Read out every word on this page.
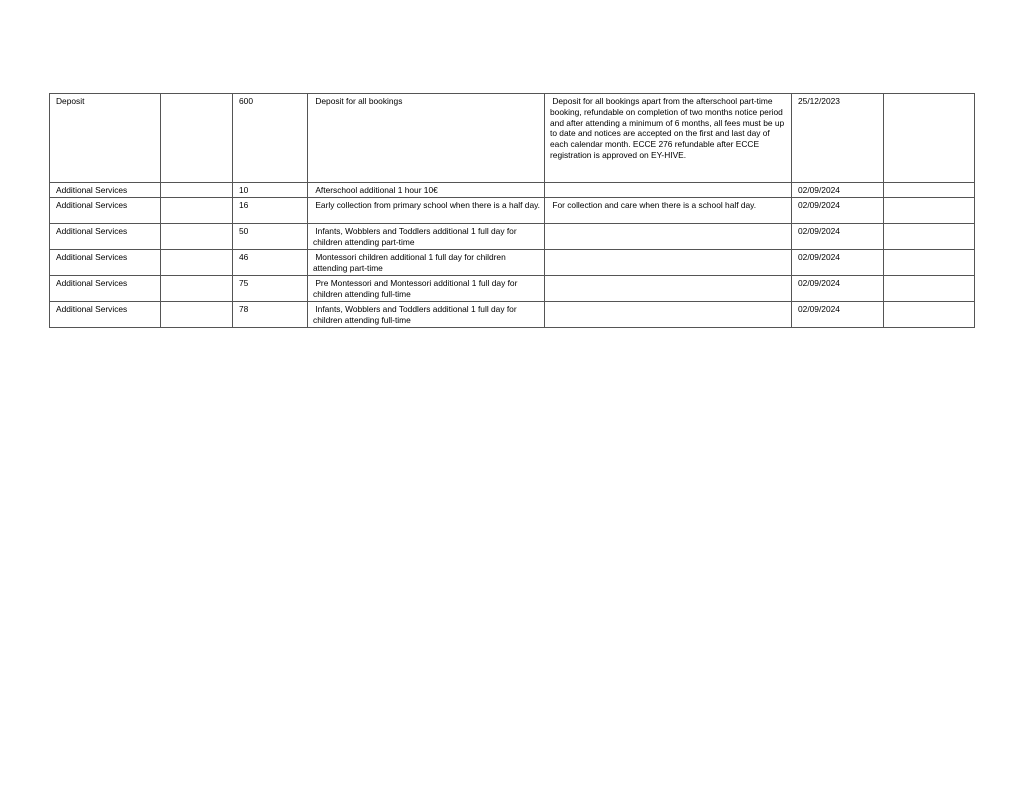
Deposit		600	Deposit for all bookings	Deposit for all bookings apart from the afterschool part-time booking, refundable on completion of two months notice period and after attending a minimum of 6 months, all fees must be up to date and notices are accepted on the first and last day of each calendar month. ECCE 276 refundable after ECCE registration is approved on EY-HIVE.	25/12/2023	
Additional Services		10	Afterschool additional 1 hour 10€		02/09/2024	
Additional Services		16	Early collection from primary school when there is a half day.	For collection and care when there is a school half day.	02/09/2024	
Additional Services		50	Infants, Wobblers and Toddlers additional 1 full day for children attending part-time		02/09/2024	
Additional Services		46	Montessori children additional 1 full day for children attending part-time		02/09/2024	
Additional Services		75	Pre Montessori and Montessori additional 1 full day for children attending full-time		02/09/2024	
Additional Services		78	Infants, Wobblers and Toddlers additional 1 full day for children attending full-time		02/09/2024	
